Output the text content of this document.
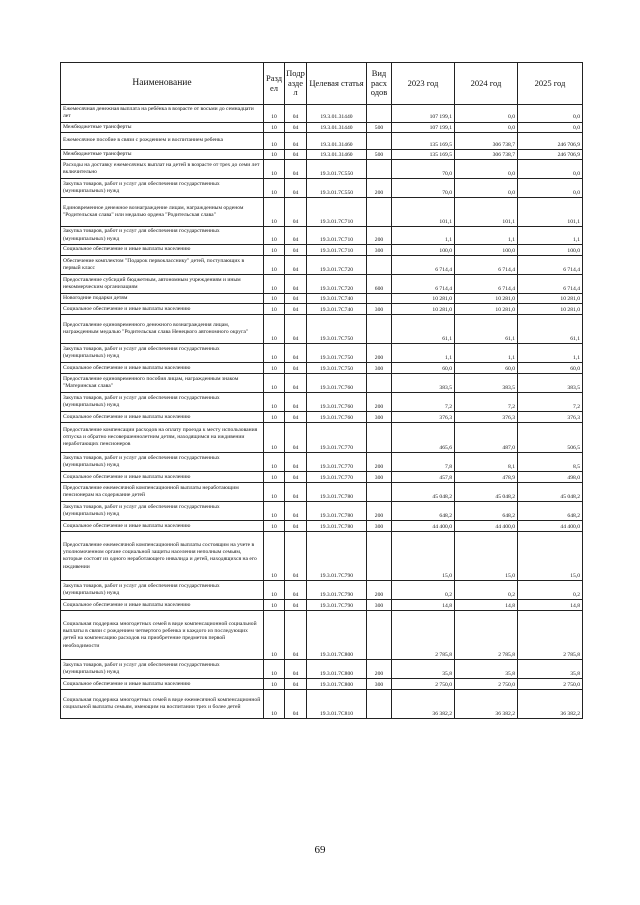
Наименование	Разд ел	Подр азде л	Целевая статья	Вид расх одов	2023 год	2024 год	2025 год
Ежемесячная денежная выплата на ребёнка в возрасте от восьми до семнадцати лет	10	04	19.3.01.31440		107 199,1	0,0	0,0
Межбюджетные трансферты	10	04	19.3.01.31440	500	107 199,1	0,0	0,0
Ежемесячное пособие в связи с рождением и воспитанием ребенка	10	04	19.3.01.31460		135 169,5	306 738,7	246 706,9
Межбюджетные трансферты	10	04	19.3.01.31460	500	135 169,5	306 738,7	246 706,9
Расходы на доставку ежемесячных выплат на детей в возрасте от трех до семи лет включительно	10	04	19.3.01.7C550		70,0	0,0	0,0
Закупка товаров, работ и услуг для обеспечения государственных (муниципальных) нужд	10	04	19.3.01.7C550	200	70,0	0,0	0,0
Единовременное денежное вознаграждение лицам, награжденным орденом "Родительская слава" или медалью ордена "Родительская слава"	10	04	19.3.01.7C710		101,1	101,1	101,1
Закупка товаров, работ и услуг для обеспечения государственных (муниципальных) нужд	10	04	19.3.01.7C710	200	1,1	1,1	1,1
Социальное обеспечение и иные выплаты населению	10	04	19.3.01.7C710	300	100,0	100,0	100,0
Обеспечение комплектом "Подарок первокласснику" детей, поступающих в первый класс	10	04	19.3.01.7C720		6 714,4	6 714,4	6 714,4
Предоставление субсидий бюджетным, автономным учреждениям и иным некоммерческим организациям	10	04	19.3.01.7C720	600	6 714,4	6 714,4	6 714,4
Новогодние подарки детям	10	04	19.3.01.7C740		10 281,0	10 281,0	10 281,0
Социальное обеспечение и иные выплаты населению	10	04	19.3.01.7C740	300	10 281,0	10 281,0	10 281,0
Предоставление единовременного денежного вознаграждения лицам, награжденным медалью "Родительская слава Ненецкого автономного округа"	10	04	19.3.01.7C750		61,1	61,1	61,1
Закупка товаров, работ и услуг для обеспечения государственных (муниципальных) нужд	10	04	19.3.01.7C750	200	1,1	1,1	1,1
Социальное обеспечение и иные выплаты населению	10	04	19.3.01.7C750	300	60,0	60,0	60,0
Предоставление единовременного пособия лицам, награжденным знаком "Материнская слава"	10	04	19.3.01.7C760		383,5	383,5	383,5
Закупка товаров, работ и услуг для обеспечения государственных (муниципальных) нужд	10	04	19.3.01.7C760	200	7,2	7,2	7,2
Социальное обеспечение и иные выплаты населению	10	04	19.3.01.7C760	300	376,3	376,3	376,3
Предоставление компенсации расходов на оплату проезда к месту использования отпуска и обратно несовершеннолетним детям, находящимся на иждивении неработающих пенсионеров	10	04	19.3.01.7C770		465,6	487,0	506,5
Закупка товаров, работ и услуг для обеспечения государственных (муниципальных) нужд	10	04	19.3.01.7C770	200	7,8	8,1	8,5
Социальное обеспечение и иные выплаты населению	10	04	19.3.01.7C770	300	457,8	478,9	498,0
Предоставление ежемесячной компенсационной выплаты неработающим пенсионерам на содержание детей	10	04	19.3.01.7C780		45 048,2	45 048,2	45 048,2
Закупка товаров, работ и услуг для обеспечения государственных (муниципальных) нужд	10	04	19.3.01.7C780	200	648,2	648,2	648,2
Социальное обеспечение и иные выплаты населению	10	04	19.3.01.7C780	300	44 400,0	44 400,0	44 400,0
Предоставление ежемесячной компенсационной выплаты состоящим на учете в уполномоченном органе социальной защиты населения неполным семьям, которые состоят из одного неработающего инвалида и детей, находящихся на его иждивении	10	04	19.3.01.7C790		15,0	15,0	15,0
Закупка товаров, работ и услуг для обеспечения государственных (муниципальных) нужд	10	04	19.3.01.7C790	200	0,2	0,2	0,2
Социальное обеспечение и иные выплаты населению	10	04	19.3.01.7C790	300	14,8	14,8	14,8
Социальная поддержка многодетных семей в виде компенсационной социальной выплаты в связи с рождением четвертого ребенка и каждого из последующих детей на компенсацию расходов на приобретение предметов первой необходимости	10	04	19.3.01.7C800		2 785,8	2 785,8	2 785,8
Закупка товаров, работ и услуг для обеспечения государственных (муниципальных) нужд	10	04	19.3.01.7C800	200	35,8	35,8	35,8
Социальное обеспечение и иные выплаты населению	10	04	19.3.01.7C800	300	2 750,0	2 750,0	2 750,0
Социальная поддержка многодетных семей в виде ежемесячной компенсационной социальной выплаты семьям, имеющим на воспитании трех и более детей	10	04	19.3.01.7C810		36 382,2	36 382,2	36 382,2
69
